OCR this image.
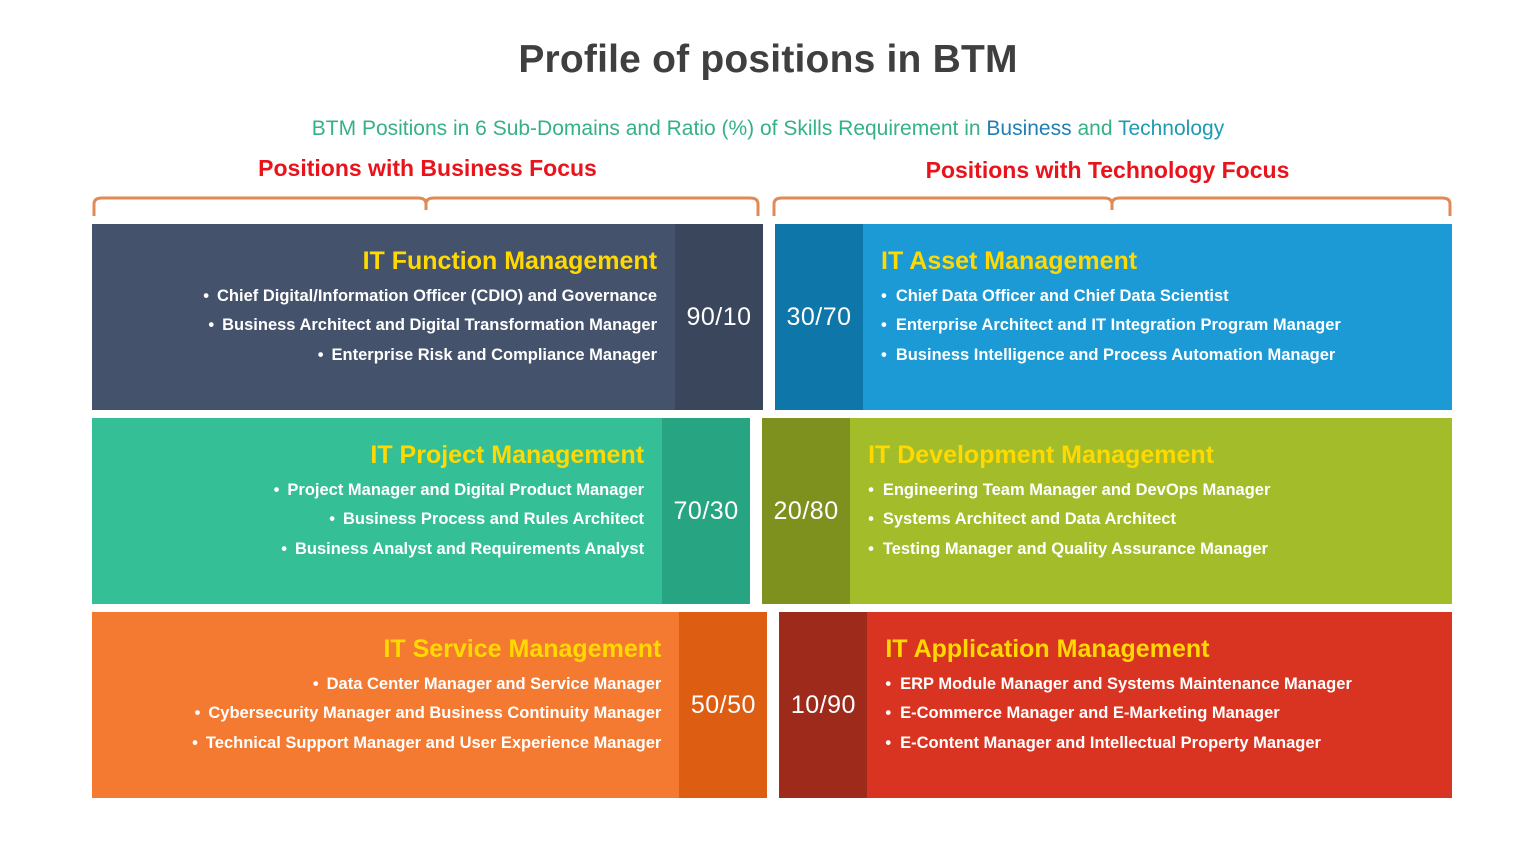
Profile of positions in BTM
BTM Positions in 6 Sub-Domains and Ratio (%) of Skills Requirement in Business and Technology
Positions with Business Focus	Positions with Technology Focus
IT Function Management
• Chief Digital/Information Officer (CDIO) and Governance
• Business Architect and Digital Transformation Manager
• Enterprise Risk and Compliance Manager
90/10	30/70
IT Asset Management
• Chief Data Officer and Chief Data Scientist
• Enterprise Architect and IT Integration Program Manager
• Business Intelligence and Process Automation Manager
IT Project Management
• Project Manager and Digital Product Manager
• Business Process and Rules Architect
• Business Analyst and Requirements Analyst
70/30	20/80
IT Development Management
• Engineering Team Manager and DevOps Manager
• Systems Architect and Data Architect
• Testing Manager and Quality Assurance Manager
IT Service Management
• Data Center Manager and Service Manager
• Cybersecurity Manager and Business Continuity Manager
• Technical Support Manager and User Experience Manager
50/50	10/90
IT Application Management
• ERP Module Manager and Systems Maintenance Manager
• E-Commerce Manager and E-Marketing Manager
• E-Content Manager and Intellectual Property Manager
